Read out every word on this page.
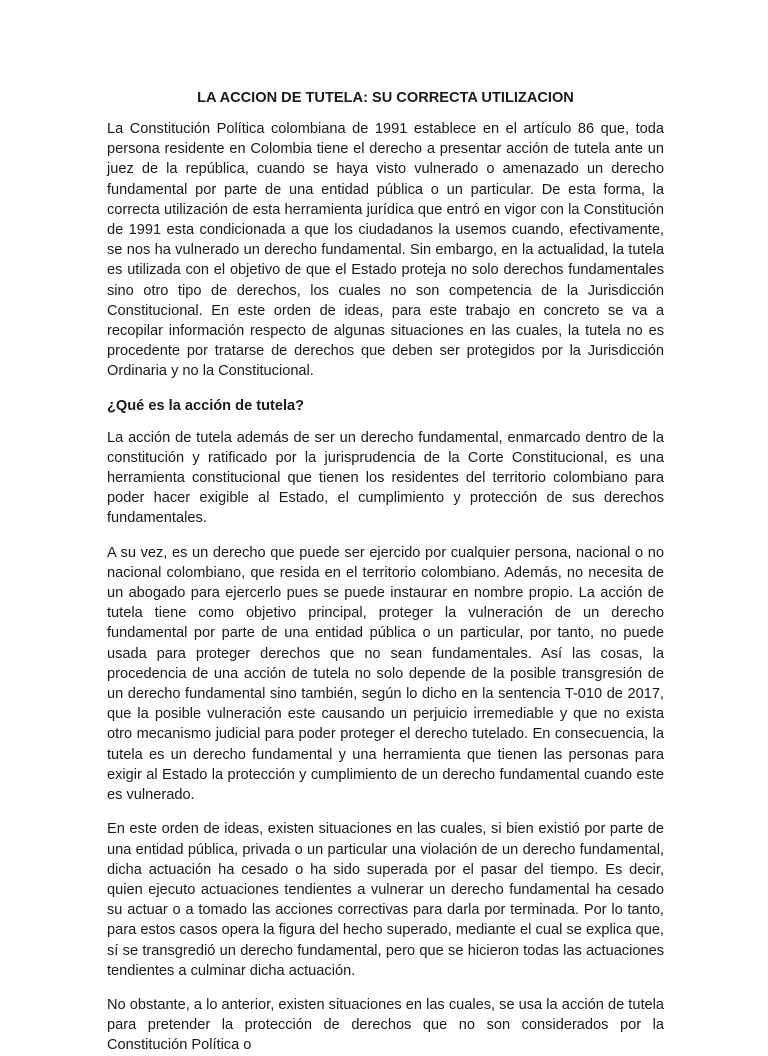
LA ACCION DE TUTELA: SU CORRECTA UTILIZACION

La Constitución Política colombiana de 1991 establece en el artículo 86 que, toda persona residente en Colombia tiene el derecho a presentar acción de tutela ante un juez de la república, cuando se haya visto vulnerado o amenazado un derecho fundamental por parte de una entidad pública o un particular. De esta forma, la correcta utilización de esta herramienta jurídica que entró en vigor con la Constitución de 1991 esta condicionada a que los ciudadanos la usemos cuando, efectivamente, se nos ha vulnerado un derecho fundamental. Sin embargo, en la actualidad, la tutela es utilizada con el objetivo de que el Estado proteja no solo derechos fundamentales sino otro tipo de derechos, los cuales no son competencia de la Jurisdicción Constitucional. En este orden de ideas, para este trabajo en concreto se va a recopilar información respecto de algunas situaciones en las cuales, la tutela no es procedente por tratarse de derechos que deben ser protegidos por la Jurisdicción Ordinaria y no la Constitucional.

¿Qué es la acción de tutela?

La acción de tutela además de ser un derecho fundamental, enmarcado dentro de la constitución y ratificado por la jurisprudencia de la Corte Constitucional, es una herramienta constitucional que tienen los residentes del territorio colombiano para poder hacer exigible al Estado, el cumplimiento y protección de sus derechos fundamentales.

A su vez, es un derecho que puede ser ejercido por cualquier persona, nacional o no nacional colombiano, que resida en el territorio colombiano. Además, no necesita de un abogado para ejercerlo pues se puede instaurar en nombre propio. La acción de tutela tiene como objetivo principal, proteger la vulneración de un derecho fundamental por parte de una entidad pública o un particular, por tanto, no puede usada para proteger derechos que no sean fundamentales. Así las cosas, la procedencia de una acción de tutela no solo depende de la posible transgresión de un derecho fundamental sino también, según lo dicho en la sentencia T-010 de 2017, que la posible vulneración este causando un perjuicio irremediable y que no exista otro mecanismo judicial para poder proteger el derecho tutelado. En consecuencia, la tutela es un derecho fundamental y una herramienta que tienen las personas para exigir al Estado la protección y cumplimiento de un derecho fundamental cuando este es vulnerado.

En este orden de ideas, existen situaciones en las cuales, si bien existió por parte de una entidad pública, privada o un particular una violación de un derecho fundamental, dicha actuación ha cesado o ha sido superada por el pasar del tiempo. Es decir, quien ejecuto actuaciones tendientes a vulnerar un derecho fundamental ha cesado su actuar o a tomado las acciones correctivas para darla por terminada. Por lo tanto, para estos casos opera la figura del hecho superado, mediante el cual se explica que, sí se transgredió un derecho fundamental, pero que se hicieron todas las actuaciones tendientes a culminar dicha actuación.

No obstante, a lo anterior, existen situaciones en las cuales, se usa la acción de tutela para pretender la protección de derechos que no son considerados por la Constitución Política o
